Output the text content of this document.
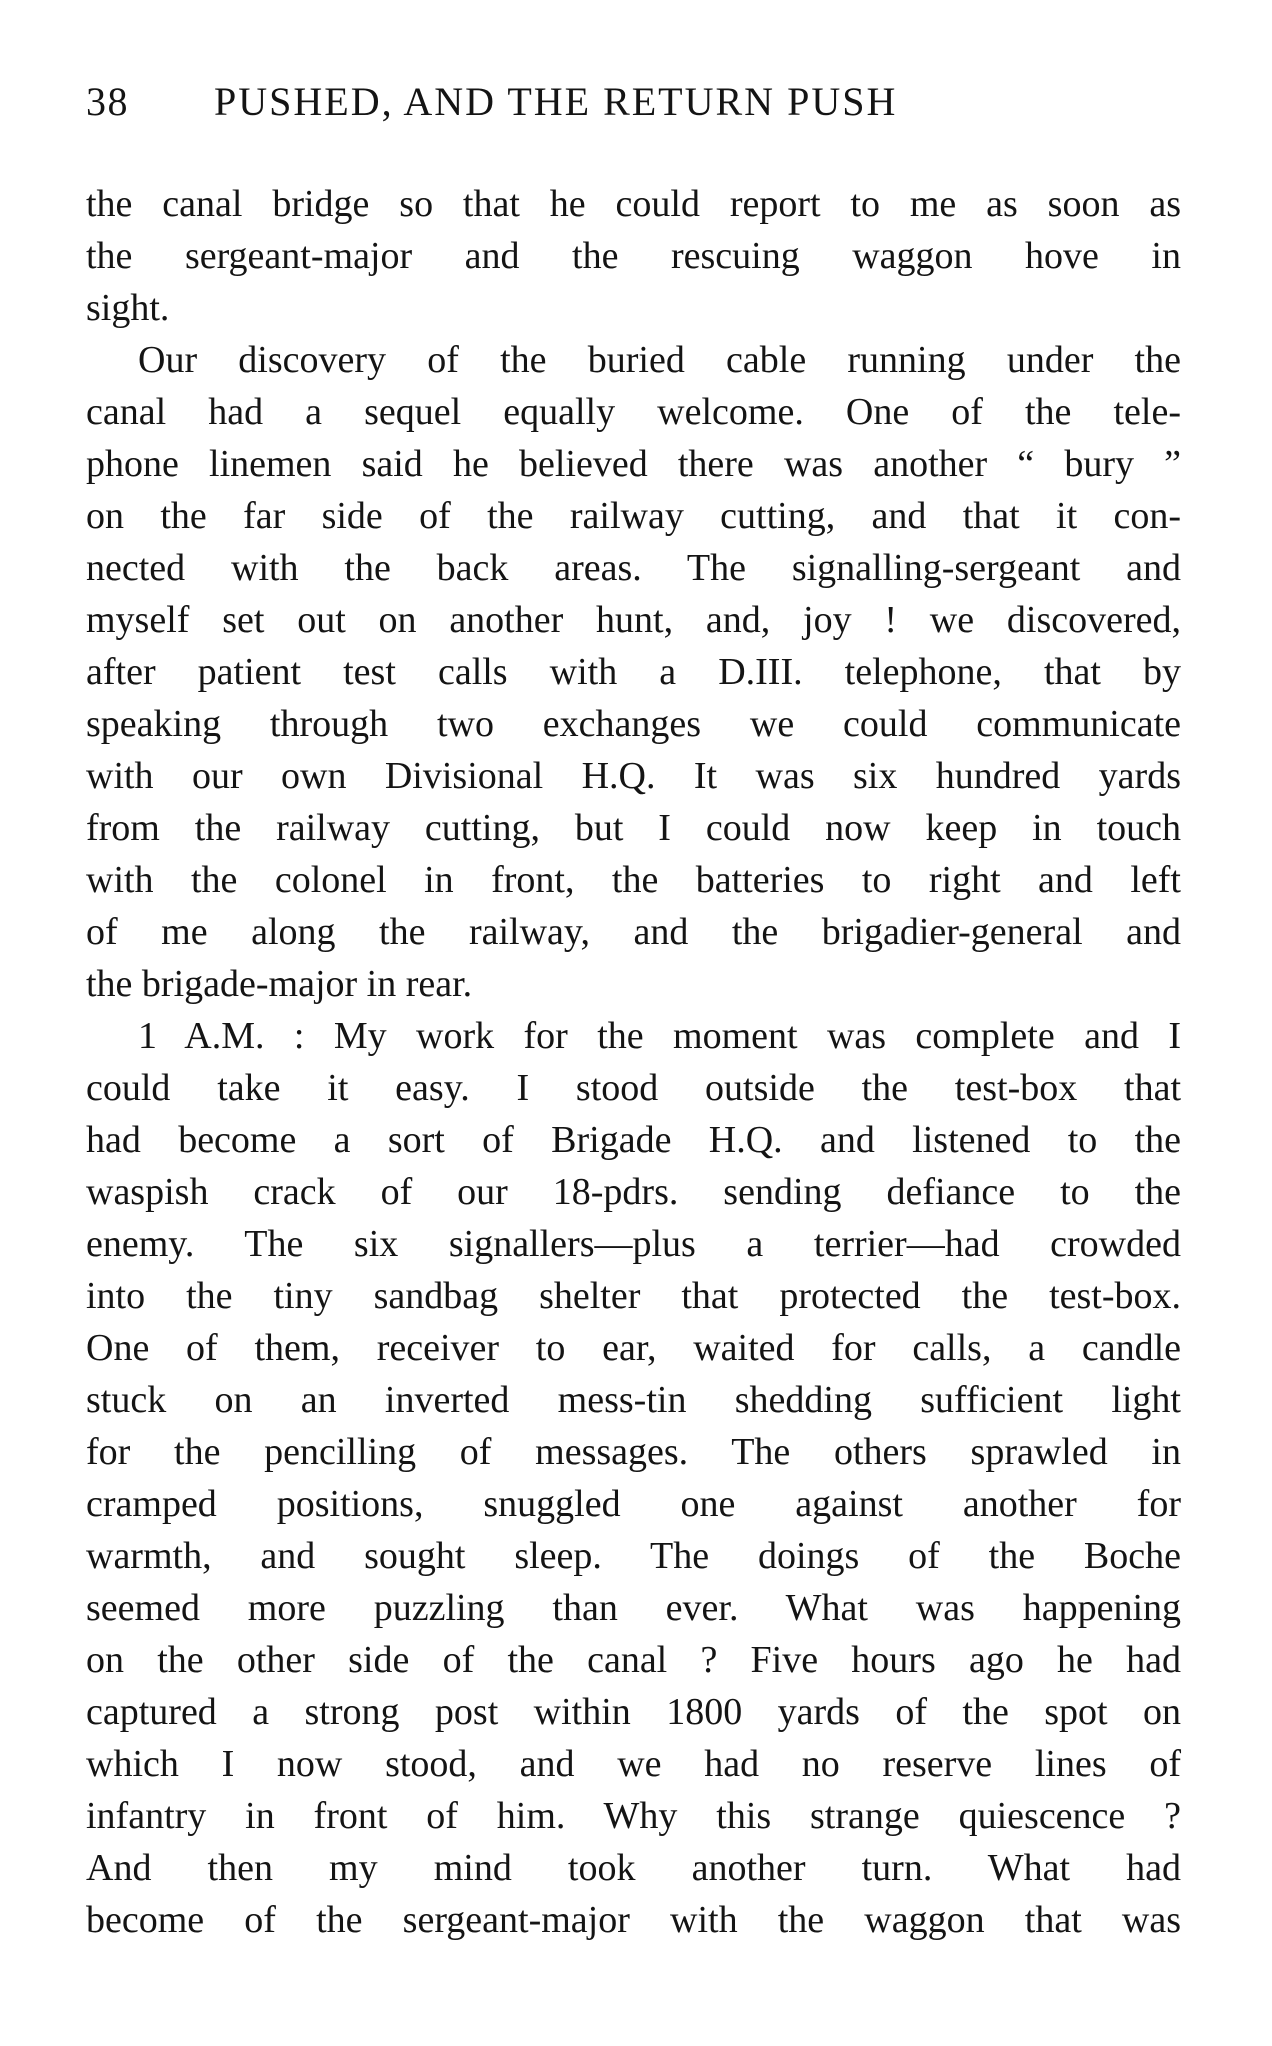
38	PUSHED, AND THE RETURN PUSH
the canal bridge so that he could report to me as soon as
the sergeant-major and the rescuing waggon hove in
sight.
Our discovery of the buried cable running under the
canal had a sequel equally welcome. One of the tele-
phone linemen said he believed there was another “ bury ”
on the far side of the railway cutting, and that it con-
nected with the back areas. The signalling-sergeant and
myself set out on another hunt, and, joy ! we discovered,
after patient test calls with a D.III. telephone, that by
speaking through two exchanges we could communicate
with our own Divisional H.Q. It was six hundred yards
from the railway cutting, but I could now keep in touch
with the colonel in front, the batteries to right and left
of me along the railway, and the brigadier-general and
the brigade-major in rear.
1 A.M. : My work for the moment was complete and I
could take it easy. I stood outside the test-box that
had become a sort of Brigade H.Q. and listened to the
waspish crack of our 18-pdrs. sending defiance to the
enemy. The six signallers—plus a terrier—had crowded
into the tiny sandbag shelter that protected the test-box.
One of them, receiver to ear, waited for calls, a candle
stuck on an inverted mess-tin shedding sufficient light
for the pencilling of messages. The others sprawled in
cramped positions, snuggled one against another for
warmth, and sought sleep. The doings of the Boche
seemed more puzzling than ever. What was happening
on the other side of the canal ? Five hours ago he had
captured a strong post within 1800 yards of the spot on
which I now stood, and we had no reserve lines of
infantry in front of him. Why this strange quiescence ?
And then my mind took another turn. What had
become of the sergeant-major with the waggon that was
